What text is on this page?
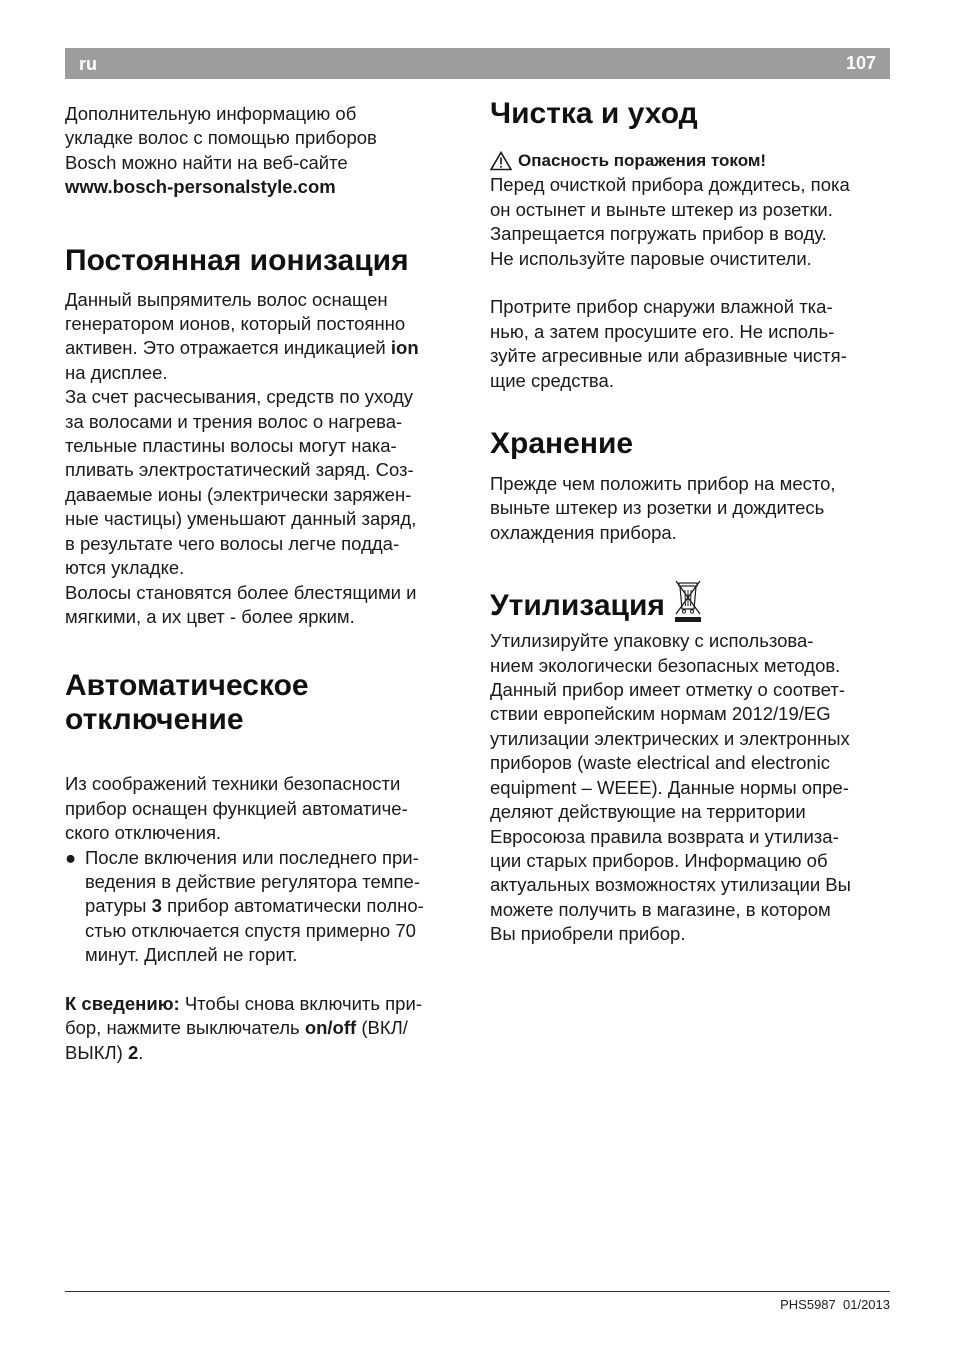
ru	107

Дополнительную информацию об

укладке волос с помощью приборов

Bosch можно найти на веб-сайте

www.bosch-personalstyle.com

Постоянная ионизация

Данный выпрямитель волос оснащен

генератором ионов, который постоянно

активен. Это отражается индикацией ion

на дисплее.

За счет расчесывания, средств по уходу

за волосами и трения волос о нагрева-

тельные пластины волосы могут нака-

пливать электростатический заряд. Соз-

даваемые ионы (электрически заряжен-

ные частицы) уменьшают данный заряд,

в результате чего волосы легче подда-

ются укладке.

Волосы становятся более блестящими и

мягкими, а их цвет - более ярким.

Автоматическое
отключение

Из соображений техники безопасности

прибор оснащен функцией автоматиче-

ского отключения.

● После включения или последнего при-

ведения в действие регулятора темпе-

ратуры 3 прибор автоматически полно-

стью отключается спустя примерно 70

минут. Дисплей не горит.

К сведению: Чтобы снова включить при-

бор, нажмите выключатель on/off (ВКЛ/

ВЫКЛ) 2.

Чистка и уход
Опасность поражения током!

Перед очисткой прибора дождитесь, пока

он остынет и выньте штекер из розетки.

Запрещается погружать прибор в воду.

Не используйте паровые очистители.

Протрите прибор снаружи влажной тка-

нью, а затем просушите его. Не исполь-

зуйте агресивные или абразивные чистя-

щие средства.

Хранение

Прежде чем положить прибор на место,

выньте штекер из розетки и дождитесь

охлаждения прибора.

Утилизация

Утилизируйте упаковку с использова-

нием экологически безопасных методов.

Данный прибор имеет отметку о соответ-

ствии европейским нормам 2012/19/EG

утилизации электрических и электронных

приборов (waste electrical and electronic

equipment – WEEE). Данные нормы опре-

деляют действующие на территории

Евросоюза правила возврата и утилиза-

ции старых приборов. Информацию об

актуальных возможностях утилизации Вы

можете получить в магазине, в котором

Вы приобрели прибор.

PHS5987 01/2013
